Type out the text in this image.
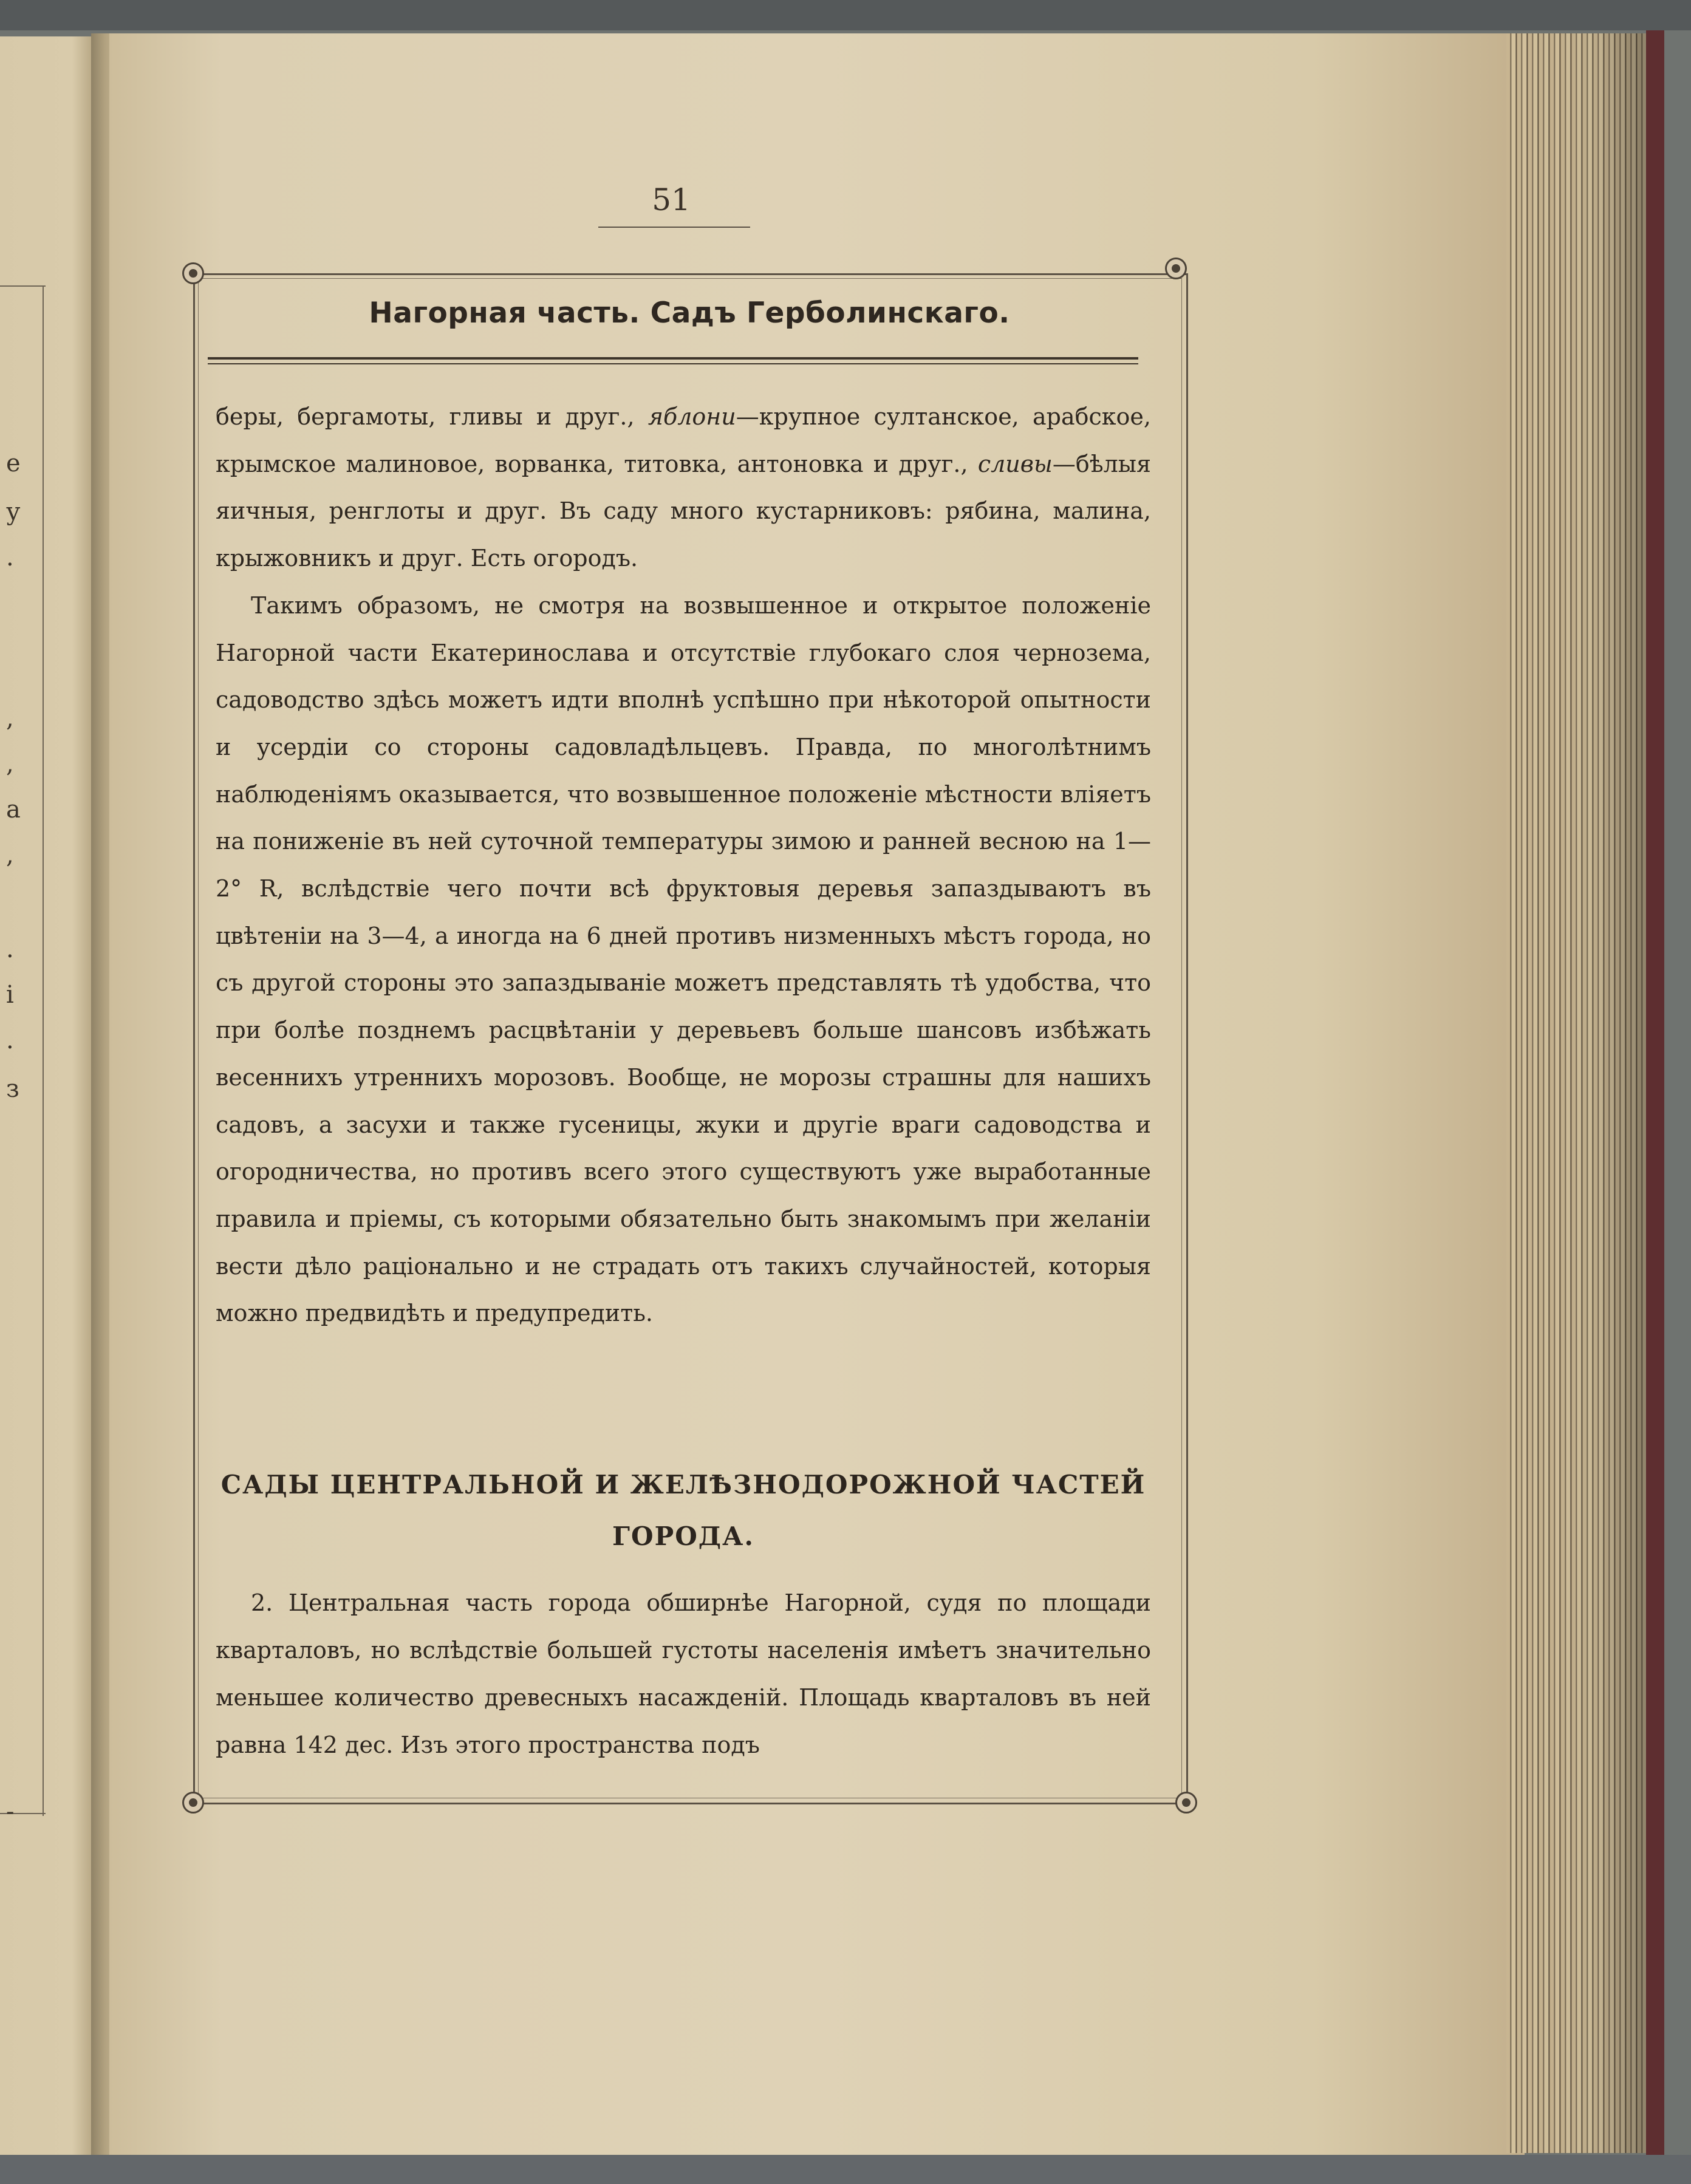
е
у
.
,
,
а
,
.
і
.
з
-
51
Нагорная часть. Садъ Герболинскаго.

беры, бергамоты, гливы и друг., яблони—крупное султанское, арабское, крымское малиновое, ворванка, титовка, антоновка и друг., сливы—бѣлыя яичныя, ренглоты и друг. Въ саду много кустарниковъ: рябина, малина, крыжовникъ и друг. Есть огородъ.

Такимъ образомъ, не смотря на возвышенное и открытое положеніе Нагорной части Екатеринослава и отсутствіе глубокаго слоя чернозема, садоводство здѣсь можетъ идти вполнѣ успѣшно при нѣкоторой опытности и усердіи со стороны садовладѣльцевъ. Правда, по многолѣтнимъ наблюденіямъ оказывается, что возвышенное положеніе мѣстности вліяетъ на пониженіе въ ней суточной температуры зимою и ранней весною на 1—2° R, вслѣдствіе чего почти всѣ фруктовыя деревья запаздываютъ въ цвѣтеніи на 3—4, а иногда на 6 дней противъ низменныхъ мѣстъ города, но съ другой стороны это запаздываніе можетъ представлять тѣ удобства, что при болѣе позднемъ расцвѣтаніи у деревьевъ больше шансовъ избѣжать весеннихъ утреннихъ морозовъ. Вообще, не морозы страшны для нашихъ садовъ, а засухи и также гусеницы, жуки и другіе враги садоводства и огородничества, но противъ всего этого существуютъ уже выработанные правила и пріемы, съ которыми обязательно быть знакомымъ при желаніи вести дѣло раціонально и не страдать отъ такихъ случайностей, которыя можно предвидѣть и предупредить.

САДЫ ЦЕНТРАЛЬНОЙ И ЖЕЛѢЗНОДОРОЖНОЙ ЧАСТЕЙ
ГОРОДА.

2. Центральная часть города обширнѣе Нагорной, судя по площади кварталовъ, но вслѣдствіе большей густоты населенія имѣетъ значительно меньшее количество древесныхъ насажденій. Площадь кварталовъ въ ней равна 142 дес. Изъ этого пространства подъ
